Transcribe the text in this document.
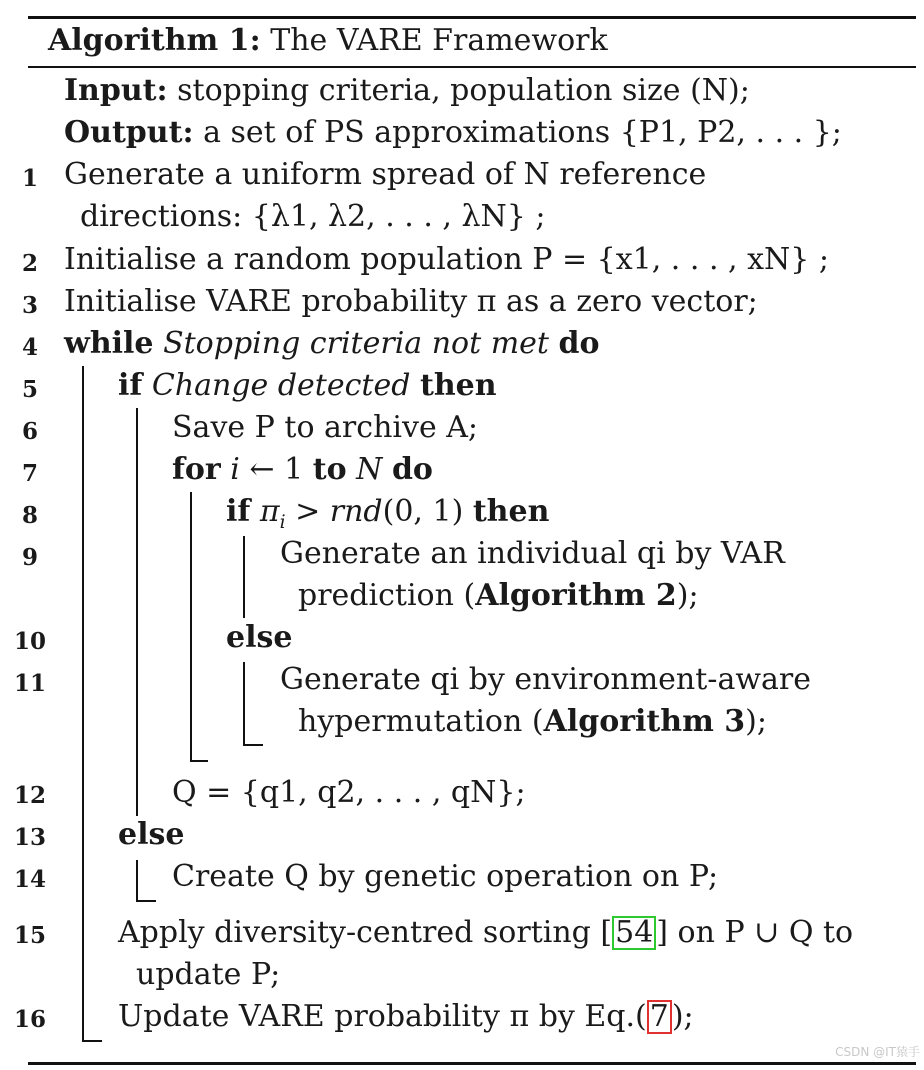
Algorithm 1: The VARE Framework
Input: stopping criteria, population size (N);
Output: a set of PS approximations {P1, P2, . . . };
1
2
3
4
5
6
7
8
9
10
11
12
13
14
15
16
Generate a uniform spread of N reference
directions: {λ1, λ2, . . . , λN} ;
Initialise a random population P = {x1, . . . , xN} ;
Initialise VARE probability π as a zero vector;
while Stopping criteria not met do
if Change detected then
Save P to archive A;
for i ← 1 to N do
if $\pi_i > rnd(0$, 1) then
Generate an individual qi by VAR
prediction (Algorithm 2);
else
Generate qi by environment-aware
hypermutation (Algorithm 3);
Q = {q1, q2, . . . , qN};
else
Create Q by genetic operation on P;
Apply diversity-centred sorting [ 54 ] on P ∪ Q to
update P;
Update VARE probability π by Eq.( 7 );
CSDN @IT猿手
